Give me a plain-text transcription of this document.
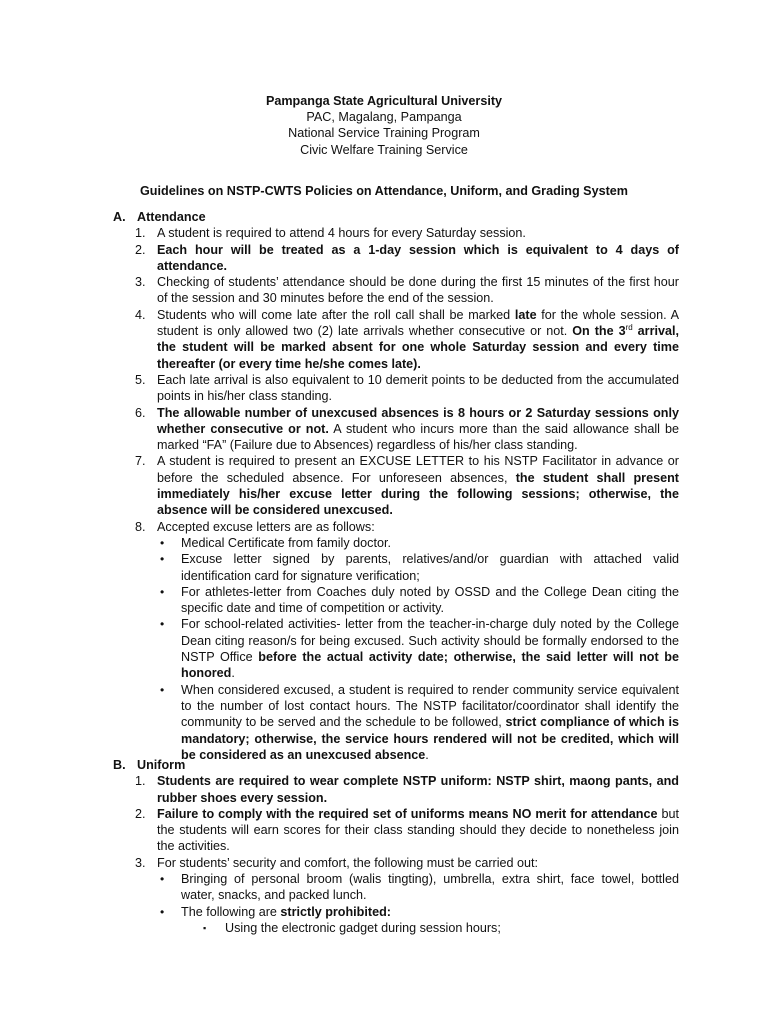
Pampanga State Agricultural University
PAC, Magalang, Pampanga
National Service Training Program
Civic Welfare Training Service
Guidelines on NSTP-CWTS Policies on Attendance, Uniform, and Grading System
A. Attendance
1. A student is required to attend 4 hours for every Saturday session.
2. Each hour will be treated as a 1-day session which is equivalent to 4 days of attendance.
3. Checking of students’ attendance should be done during the first 15 minutes of the first hour of the session and 30 minutes before the end of the session.
4. Students who will come late after the roll call shall be marked late for the whole session. A student is only allowed two (2) late arrivals whether consecutive or not. On the 3rd arrival, the student will be marked absent for one whole Saturday session and every time thereafter (or every time he/she comes late).
5. Each late arrival is also equivalent to 10 demerit points to be deducted from the accumulated points in his/her class standing.
6. The allowable number of unexcused absences is 8 hours or 2 Saturday sessions only whether consecutive or not. A student who incurs more than the said allowance shall be marked “FA” (Failure due to Absences) regardless of his/her class standing.
7. A student is required to present an EXCUSE LETTER to his NSTP Facilitator in advance or before the scheduled absence. For unforeseen absences, the student shall present immediately his/her excuse letter during the following sessions; otherwise, the absence will be considered unexcused.
8. Accepted excuse letters are as follows:
• Medical Certificate from family doctor.
• Excuse letter signed by parents, relatives/and/or guardian with attached valid identification card for signature verification;
• For athletes-letter from Coaches duly noted by OSSD and the College Dean citing the specific date and time of competition or activity.
• For school-related activities- letter from the teacher-in-charge duly noted by the College Dean citing reason/s for being excused. Such activity should be formally endorsed to the NSTP Office before the actual activity date; otherwise, the said letter will not be honored.
• When considered excused, a student is required to render community service equivalent to the number of lost contact hours. The NSTP facilitator/coordinator shall identify the community to be served and the schedule to be followed, strict compliance of which is mandatory; otherwise, the service hours rendered will not be credited, which will be considered as an unexcused absence.
B. Uniform
1. Students are required to wear complete NSTP uniform: NSTP shirt, maong pants, and rubber shoes every session.
2. Failure to comply with the required set of uniforms means NO merit for attendance but the students will earn scores for their class standing should they decide to nonetheless join the activities.
3. For students’ security and comfort, the following must be carried out:
• Bringing of personal broom (walis tingting), umbrella, extra shirt, face towel, bottled water, snacks, and packed lunch.
• The following are strictly prohibited:
▪ Using the electronic gadget during session hours;
